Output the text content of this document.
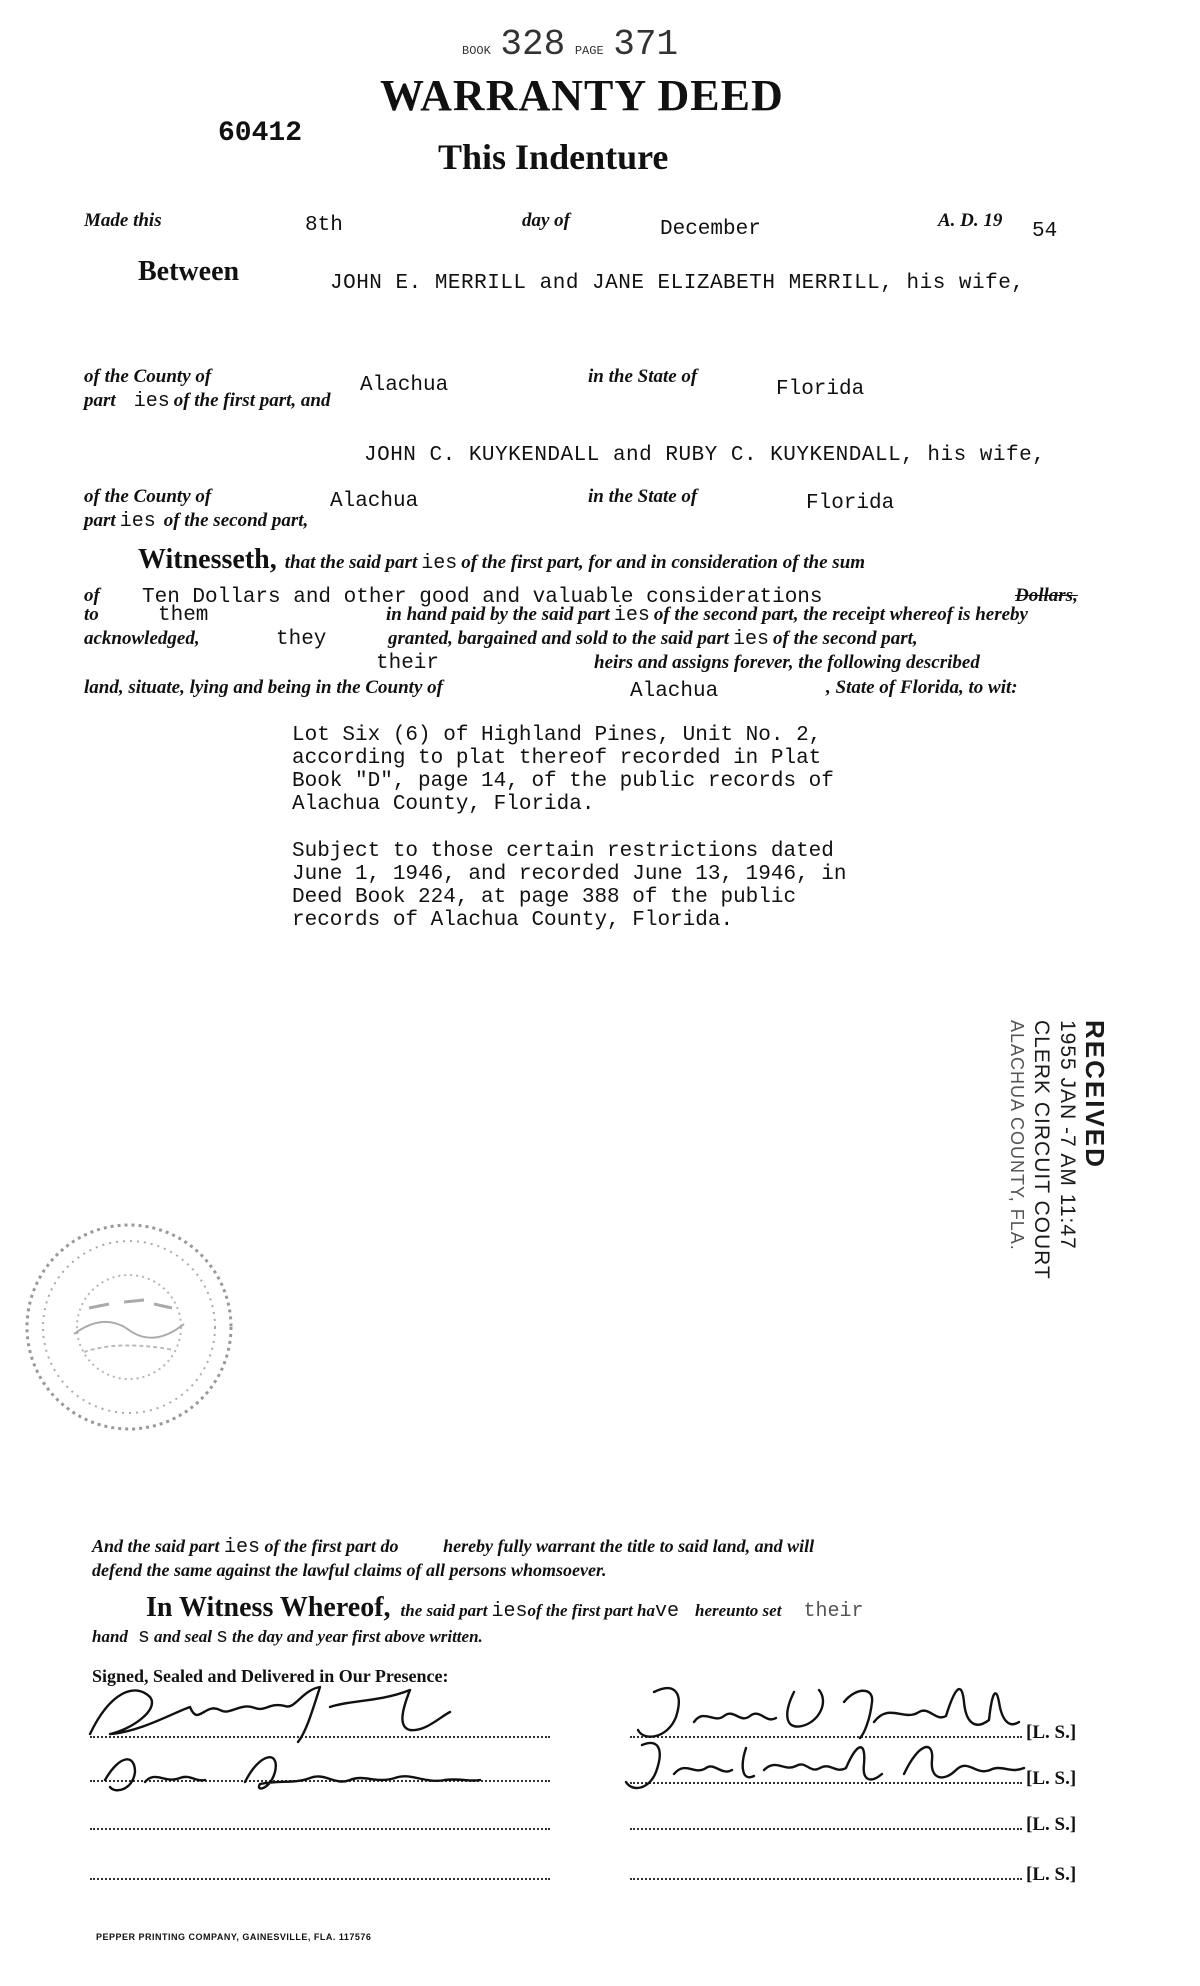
BOOK 328 PAGE 371
WARRANTY DEED
60412
This Indenture
Made this	8th	day of	December	A. D. 19 54
Between	JOHN E. MERRILL and JANE ELIZABETH MERRILL, his wife,
of the County of	Alachua	in the State of
Florida
part ies of the first part, and
JOHN C. KUYKENDALL and RUBY C. KUYKENDALL, his wife,
of the County of	Alachua	in the State of	Florida
part ies of the second part,
Witnesseth, that the said part ies of the first part, for and in consideration of the sum
of
to
Ten Dollars and other good and valuable considerations	Dollars,
them	in hand paid by the said part ies of the second part, the receipt whereof is hereby
acknowledged,	they	granted, bargained and sold to the said part ies of the second part,
their	heirs and assigns forever, the following described
land, situate, lying and being in the County of	Alachua	, State of Florida, to wit:
Lot Six (6) of Highland Pines, Unit No. 2,
according to plat thereof recorded in Plat
Book "D", page 14, of the public records of
Alachua County, Florida.
Subject to those certain restrictions dated
June 1, 1946, and recorded June 13, 1946, in
Deed Book 224, at page 388 of the public
records of Alachua County, Florida.
RECEIVED
1955 JAN -7 AM 11:47
CLERK CIRCUIT COURT
ALACHUA COUNTY, FLA.
And the said part ies of the first part do hereby fully warrant the title to said land, and will
defend the same against the lawful claims of all persons whomsoever.
In Witness Whereof, the said part iesof the first part have hereunto set their
hand s and seal s the day and year first above written.
Signed, Sealed and Delivered in Our Presence:
[L. S.]
[L. S.]
[L. S.]
[L. S.]
PEPPER PRINTING COMPANY, GAINESVILLE, FLA. 117576
